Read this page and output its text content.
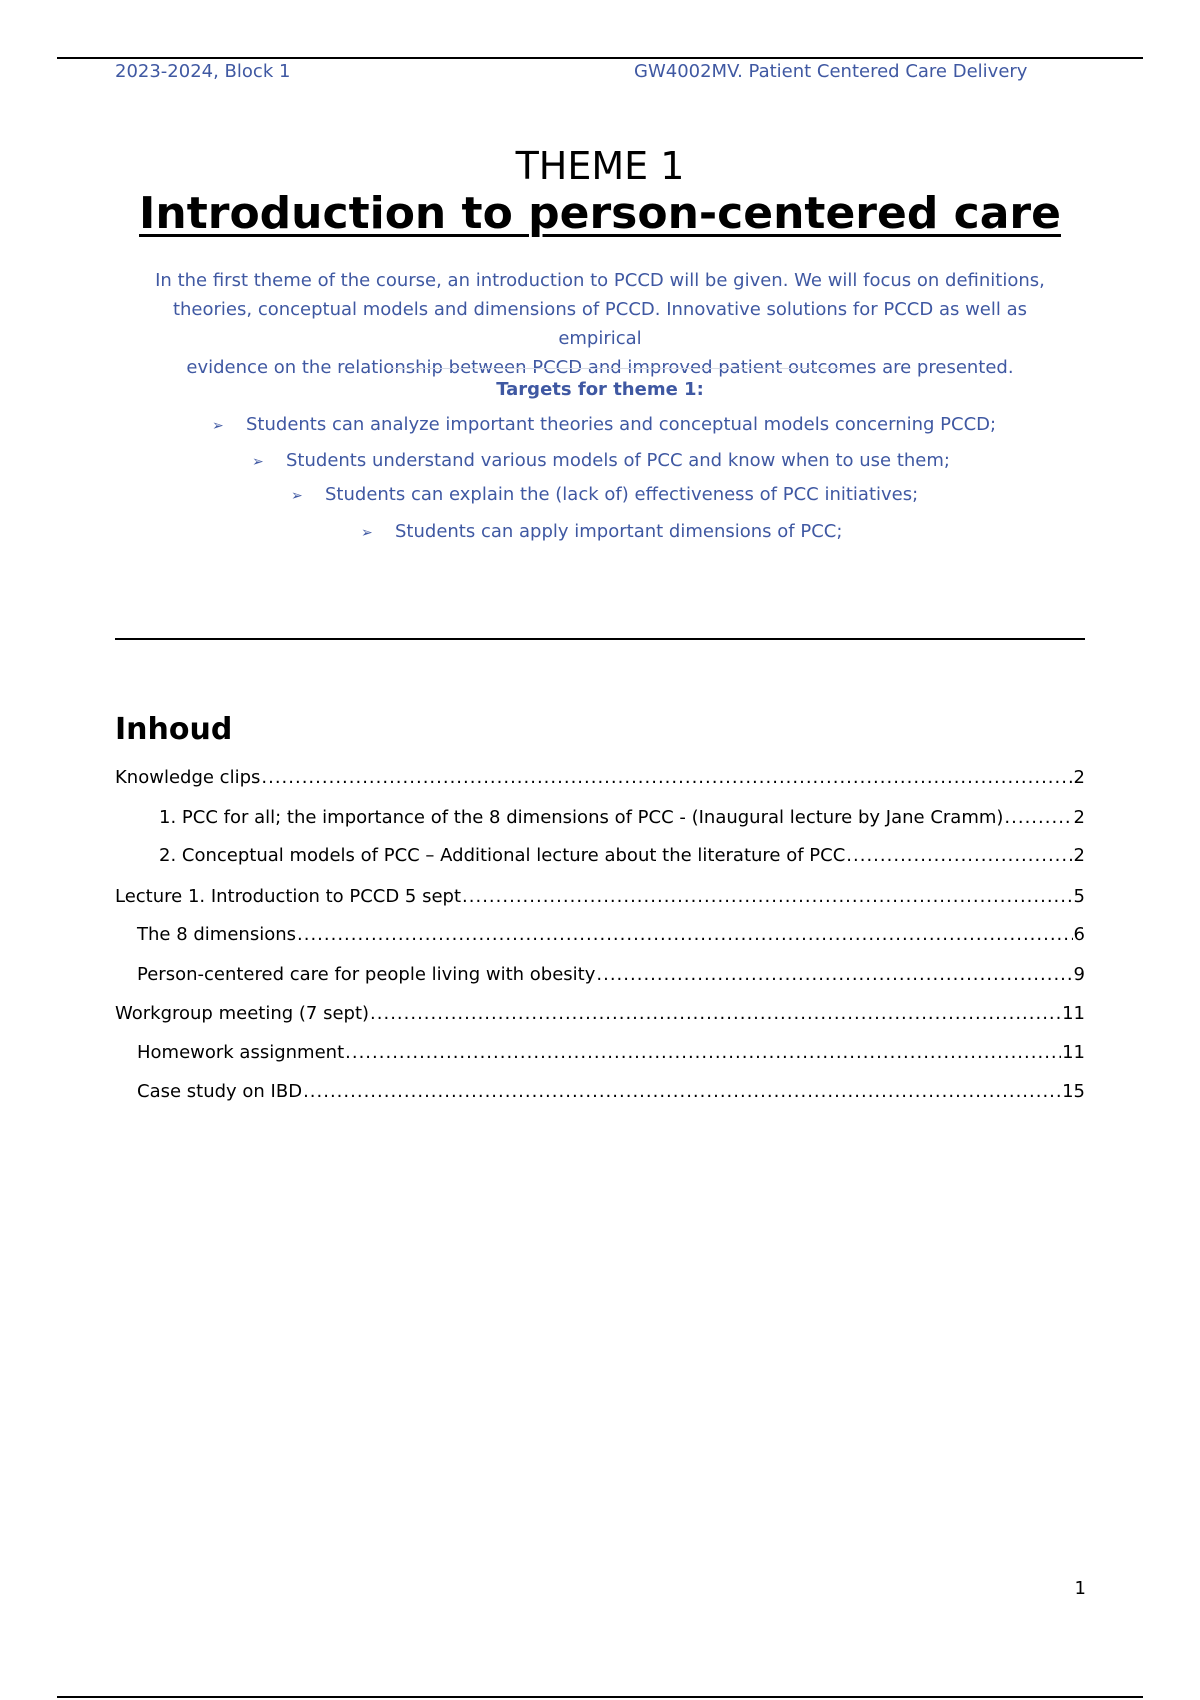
2023-2024, Block 1	GW4002MV. Patient Centered Care Delivery
THEME 1
Introduction to person-centered care
In the first theme of the course, an introduction to PCCD will be given. We will focus on definitions,
theories, conceptual models and dimensions of PCCD. Innovative solutions for PCCD as well as empirical
evidence on the relationship between PCCD and improved patient outcomes are presented.
Targets for theme 1:
➢ Students can analyze important theories and conceptual models concerning PCCD;
➢ Students understand various models of PCC and know when to use them;
➢ Students can explain the (lack of) effectiveness of PCC initiatives;
➢ Students can apply important dimensions of PCC;
Inhoud
Knowledge clips .....	2
1. PCC for all; the importance of the 8 dimensions of PCC - (Inaugural lecture by Jane Cramm) .....	2
2. Conceptual models of PCC – Additional lecture about the literature of PCC .....	2
Lecture 1. Introduction to PCCD 5 sept .....	5
The 8 dimensions .....	6
Person-centered care for people living with obesity .....	9
Workgroup meeting (7 sept) .....	11
Homework assignment .....	11
Case study on IBD .....	15
1
